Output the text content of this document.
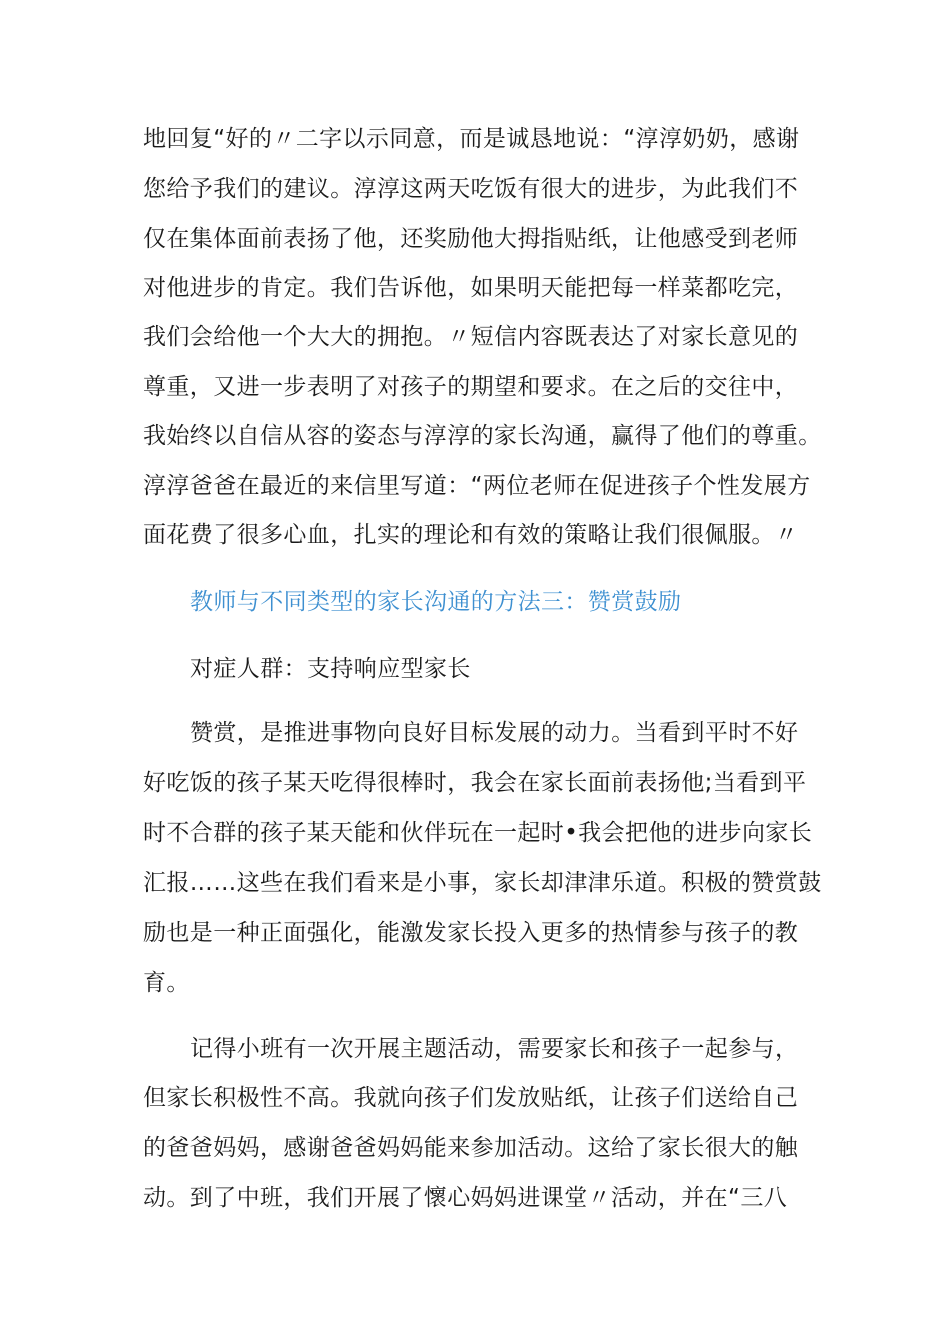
地回复“好的〃二字以示同意，而是诚恳地说：“淳淳奶奶，感谢
您给予我们的建议。淳淳这两天吃饭有很大的进步，为此我们不
仅在集体面前表扬了他，还奖励他大拇指贴纸，让他感受到老师
对他进步的肯定。我们告诉他，如果明天能把每一样菜都吃完，
我们会给他一个大大的拥抱。〃短信内容既表达了对家长意见的
尊重，又进一步表明了对孩子的期望和要求。在之后的交往中，
我始终以自信从容的姿态与淳淳的家长沟通，赢得了他们的尊重。
淳淳爸爸在最近的来信里写道：“两位老师在促进孩子个性发展方
面花费了很多心血，扎实的理论和有效的策略让我们很佩服。〃
教师与不同类型的家长沟通的方法三：赞赏鼓励
对症人群：支持响应型家长
赞赏，是推进事物向良好目标发展的动力。当看到平时不好
好吃饭的孩子某天吃得很棒时，我会在家长面前表扬他;当看到平
时不合群的孩子某天能和伙伴玩在一起时•我会把他的进步向家长
汇报……这些在我们看来是小事，家长却津津乐道。积极的赞赏鼓
励也是一种正面强化，能激发家长投入更多的热情参与孩子的教
育。
记得小班有一次开展主题活动，需要家长和孩子一起参与，
但家长积极性不高。我就向孩子们发放贴纸，让孩子们送给自己
的爸爸妈妈，感谢爸爸妈妈能来参加活动。这给了家长很大的触
动。到了中班，我们开展了懷心妈妈进课堂〃活动，并在“三八
